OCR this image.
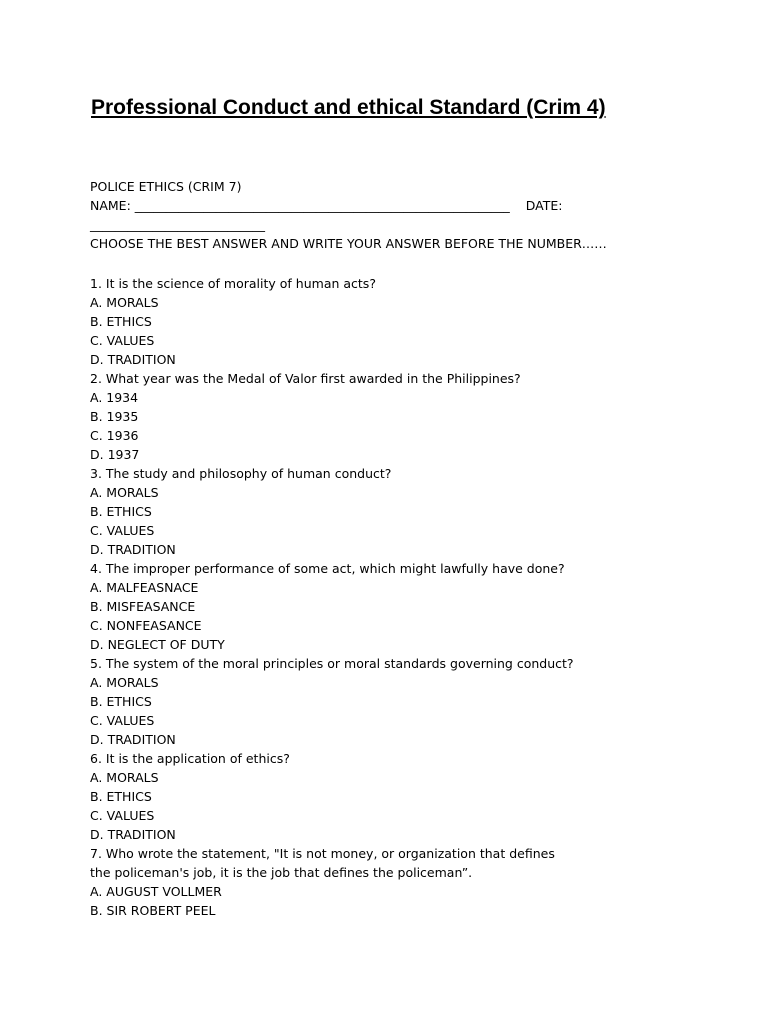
Professional Conduct and ethical Standard (Crim 4)
POLICE ETHICS (CRIM 7)
NAME: ____________________________________________________________ DATE:
____________________________
CHOOSE THE BEST ANSWER AND WRITE YOUR ANSWER BEFORE THE NUMBER……
1. It is the science of morality of human acts?
A. MORALS
B. ETHICS
C. VALUES
D. TRADITION
2. What year was the Medal of Valor first awarded in the Philippines?
A. 1934
B. 1935
C. 1936
D. 1937
3. The study and philosophy of human conduct?
A. MORALS
B. ETHICS
C. VALUES
D. TRADITION
4. The improper performance of some act, which might lawfully have done?
A. MALFEASNACE
B. MISFEASANCE
C. NONFEASANCE
D. NEGLECT OF DUTY
5. The system of the moral principles or moral standards governing conduct?
A. MORALS
B. ETHICS
C. VALUES
D. TRADITION
6. It is the application of ethics?
A. MORALS
B. ETHICS
C. VALUES
D. TRADITION
7. Who wrote the statement, "It is not money, or organization that defines the policeman's job, it is the job that defines the policeman”.
A. AUGUST VOLLMER
B. SIR ROBERT PEEL
